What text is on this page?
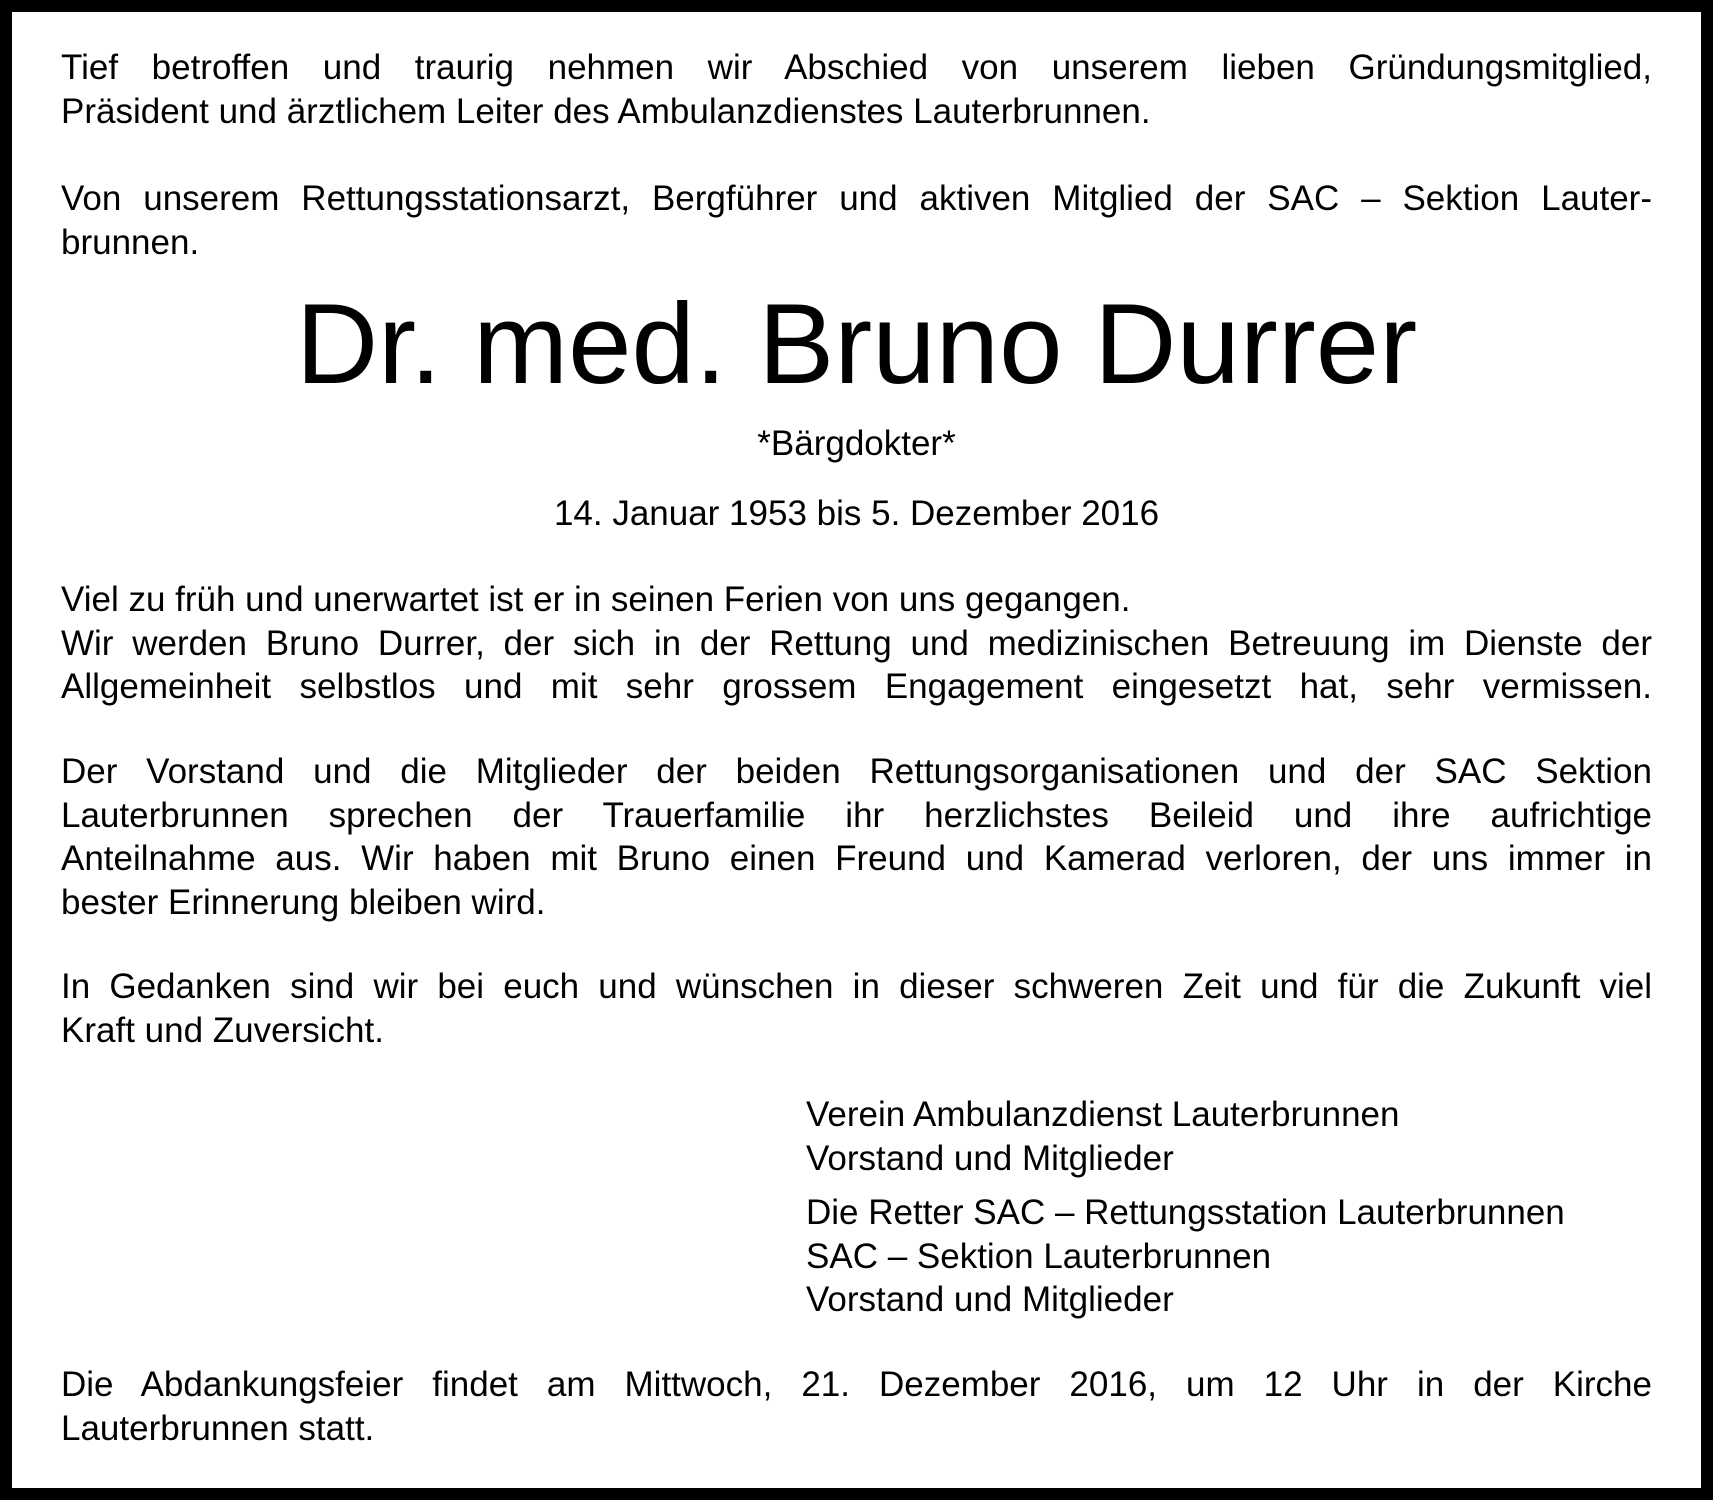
Tief betroffen und traurig nehmen wir Abschied von unserem lieben Gründungsmitglied,
Präsident und ärztlichem Leiter des Ambulanzdienstes Lauterbrunnen.
Von unserem Rettungsstationsarzt, Bergführer und aktiven Mitglied der SAC – Sektion Lauter-
brunnen.
Dr. med. Bruno Durrer
*Bärgdokter*
14. Januar 1953 bis 5. Dezember 2016
Viel zu früh und unerwartet ist er in seinen Ferien von uns gegangen.
Wir werden Bruno Durrer, der sich in der Rettung und medizinischen Betreuung im Dienste der
Allgemeinheit selbstlos und mit sehr grossem Engagement eingesetzt hat, sehr vermissen.
Der Vorstand und die Mitglieder der beiden Rettungsorganisationen und der SAC Sektion
Lauterbrunnen sprechen der Trauerfamilie ihr herzlichstes Beileid und ihre aufrichtige
Anteilnahme aus. Wir haben mit Bruno einen Freund und Kamerad verloren, der uns immer in
bester Erinnerung bleiben wird.
In Gedanken sind wir bei euch und wünschen in dieser schweren Zeit und für die Zukunft viel
Kraft und Zuversicht.
Verein Ambulanzdienst Lauterbrunnen
Vorstand und Mitglieder
Die Retter SAC – Rettungsstation Lauterbrunnen
SAC – Sektion Lauterbrunnen
Vorstand und Mitglieder
Die Abdankungsfeier findet am Mittwoch, 21. Dezember 2016, um 12 Uhr in der Kirche
Lauterbrunnen statt.
